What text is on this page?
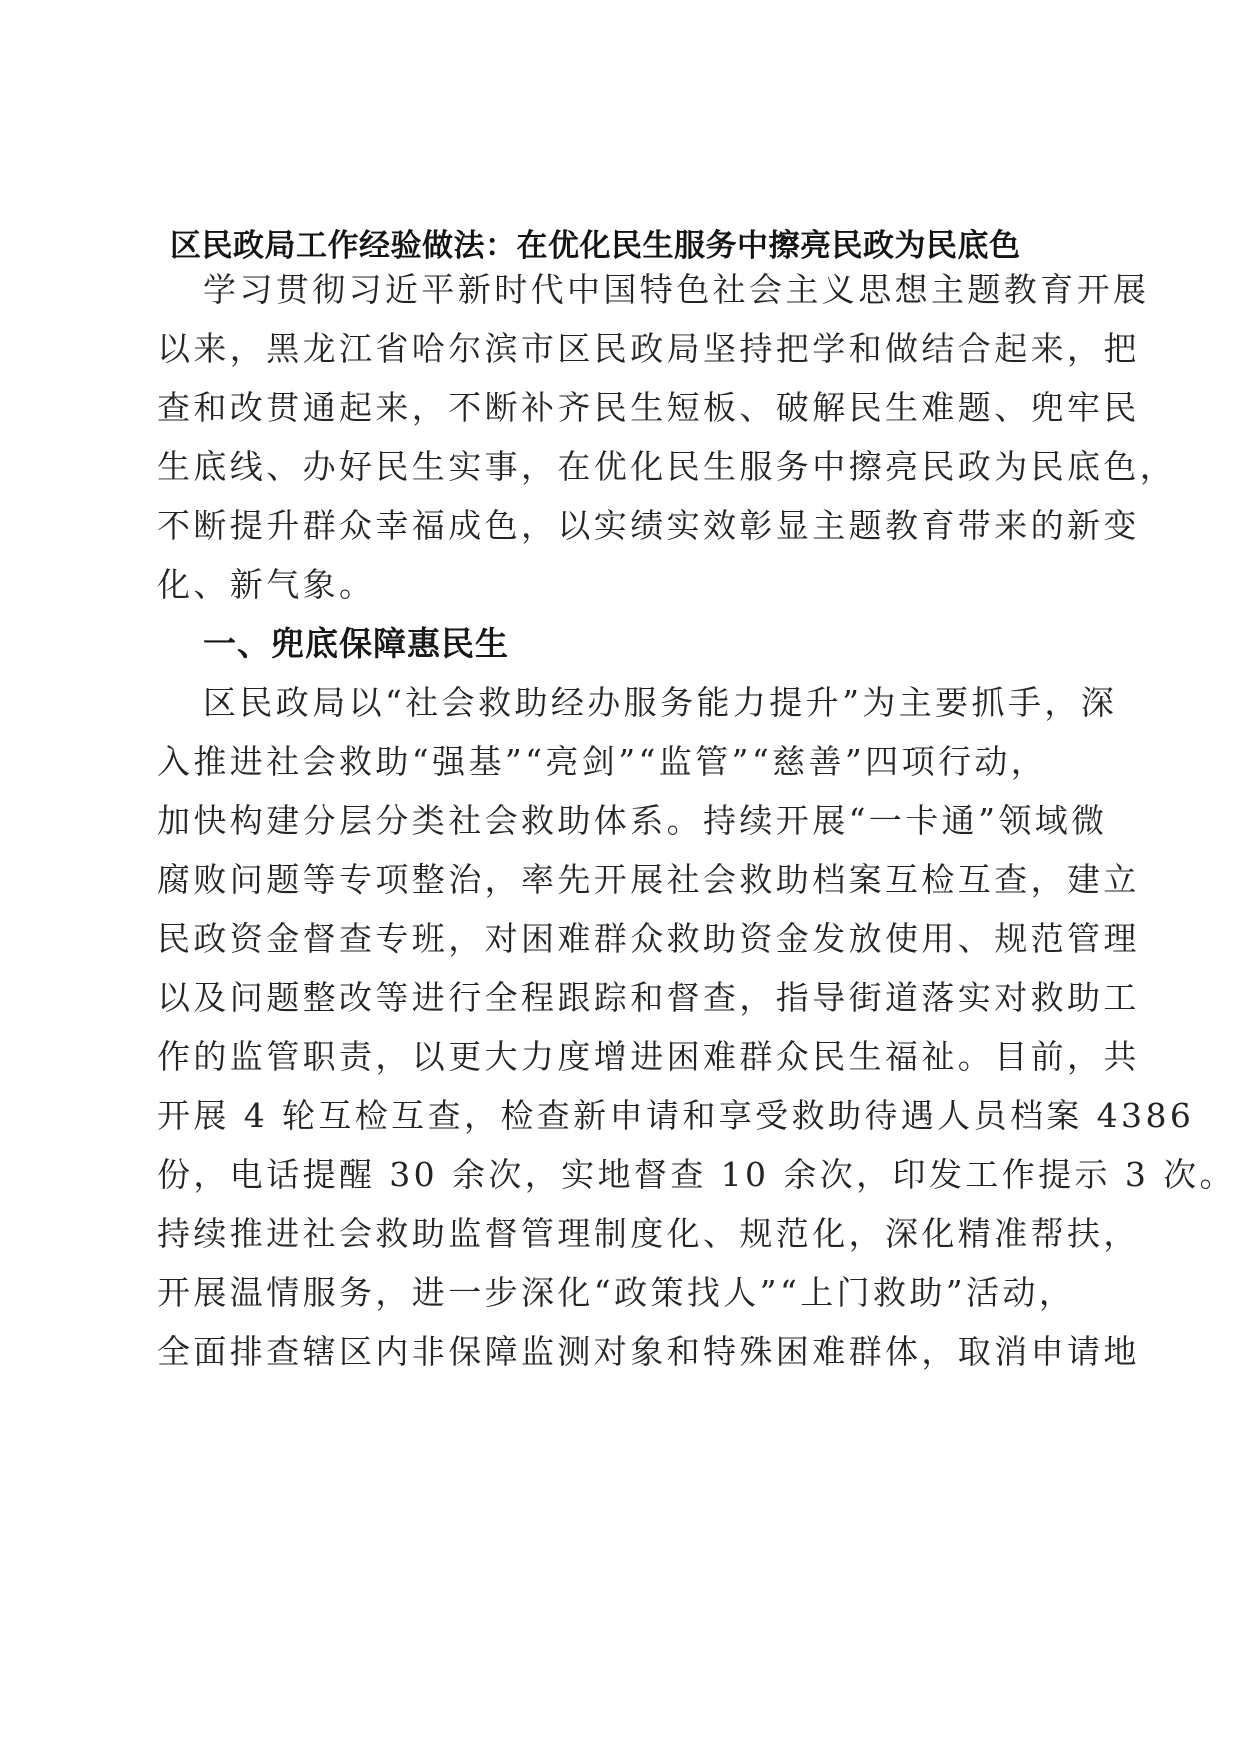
区民政局工作经验做法：在优化民生服务中擦亮民政为民底色
学习贯彻习近平新时代中国特色社会主义思想主题教育开展
以来，黑龙江省哈尔滨市区民政局坚持把学和做结合起来，把
查和改贯通起来，不断补齐民生短板、破解民生难题、兜牢民
生底线、办好民生实事，在优化民生服务中擦亮民政为民底色，
不断提升群众幸福成色，以实绩实效彰显主题教育带来的新变
化、新气象。
一、兜底保障惠民生
区民政局以“社会救助经办服务能力提升”为主要抓手，深
入推进社会救助“强基”“亮剑”“监管”“慈善”四项行动，
加快构建分层分类社会救助体系。持续开展“一卡通”领域微
腐败问题等专项整治，率先开展社会救助档案互检互查，建立
民政资金督查专班，对困难群众救助资金发放使用、规范管理
以及问题整改等进行全程跟踪和督查，指导街道落实对救助工
作的监管职责，以更大力度增进困难群众民生福祉。目前，共
开展 4 轮互检互查，检查新申请和享受救助待遇人员档案 4386
份，电话提醒 30 余次，实地督查 10 余次，印发工作提示 3 次。
持续推进社会救助监督管理制度化、规范化，深化精准帮扶，
开展温情服务，进一步深化“政策找人”“上门救助”活动，
全面排查辖区内非保障监测对象和特殊困难群体，取消申请地
